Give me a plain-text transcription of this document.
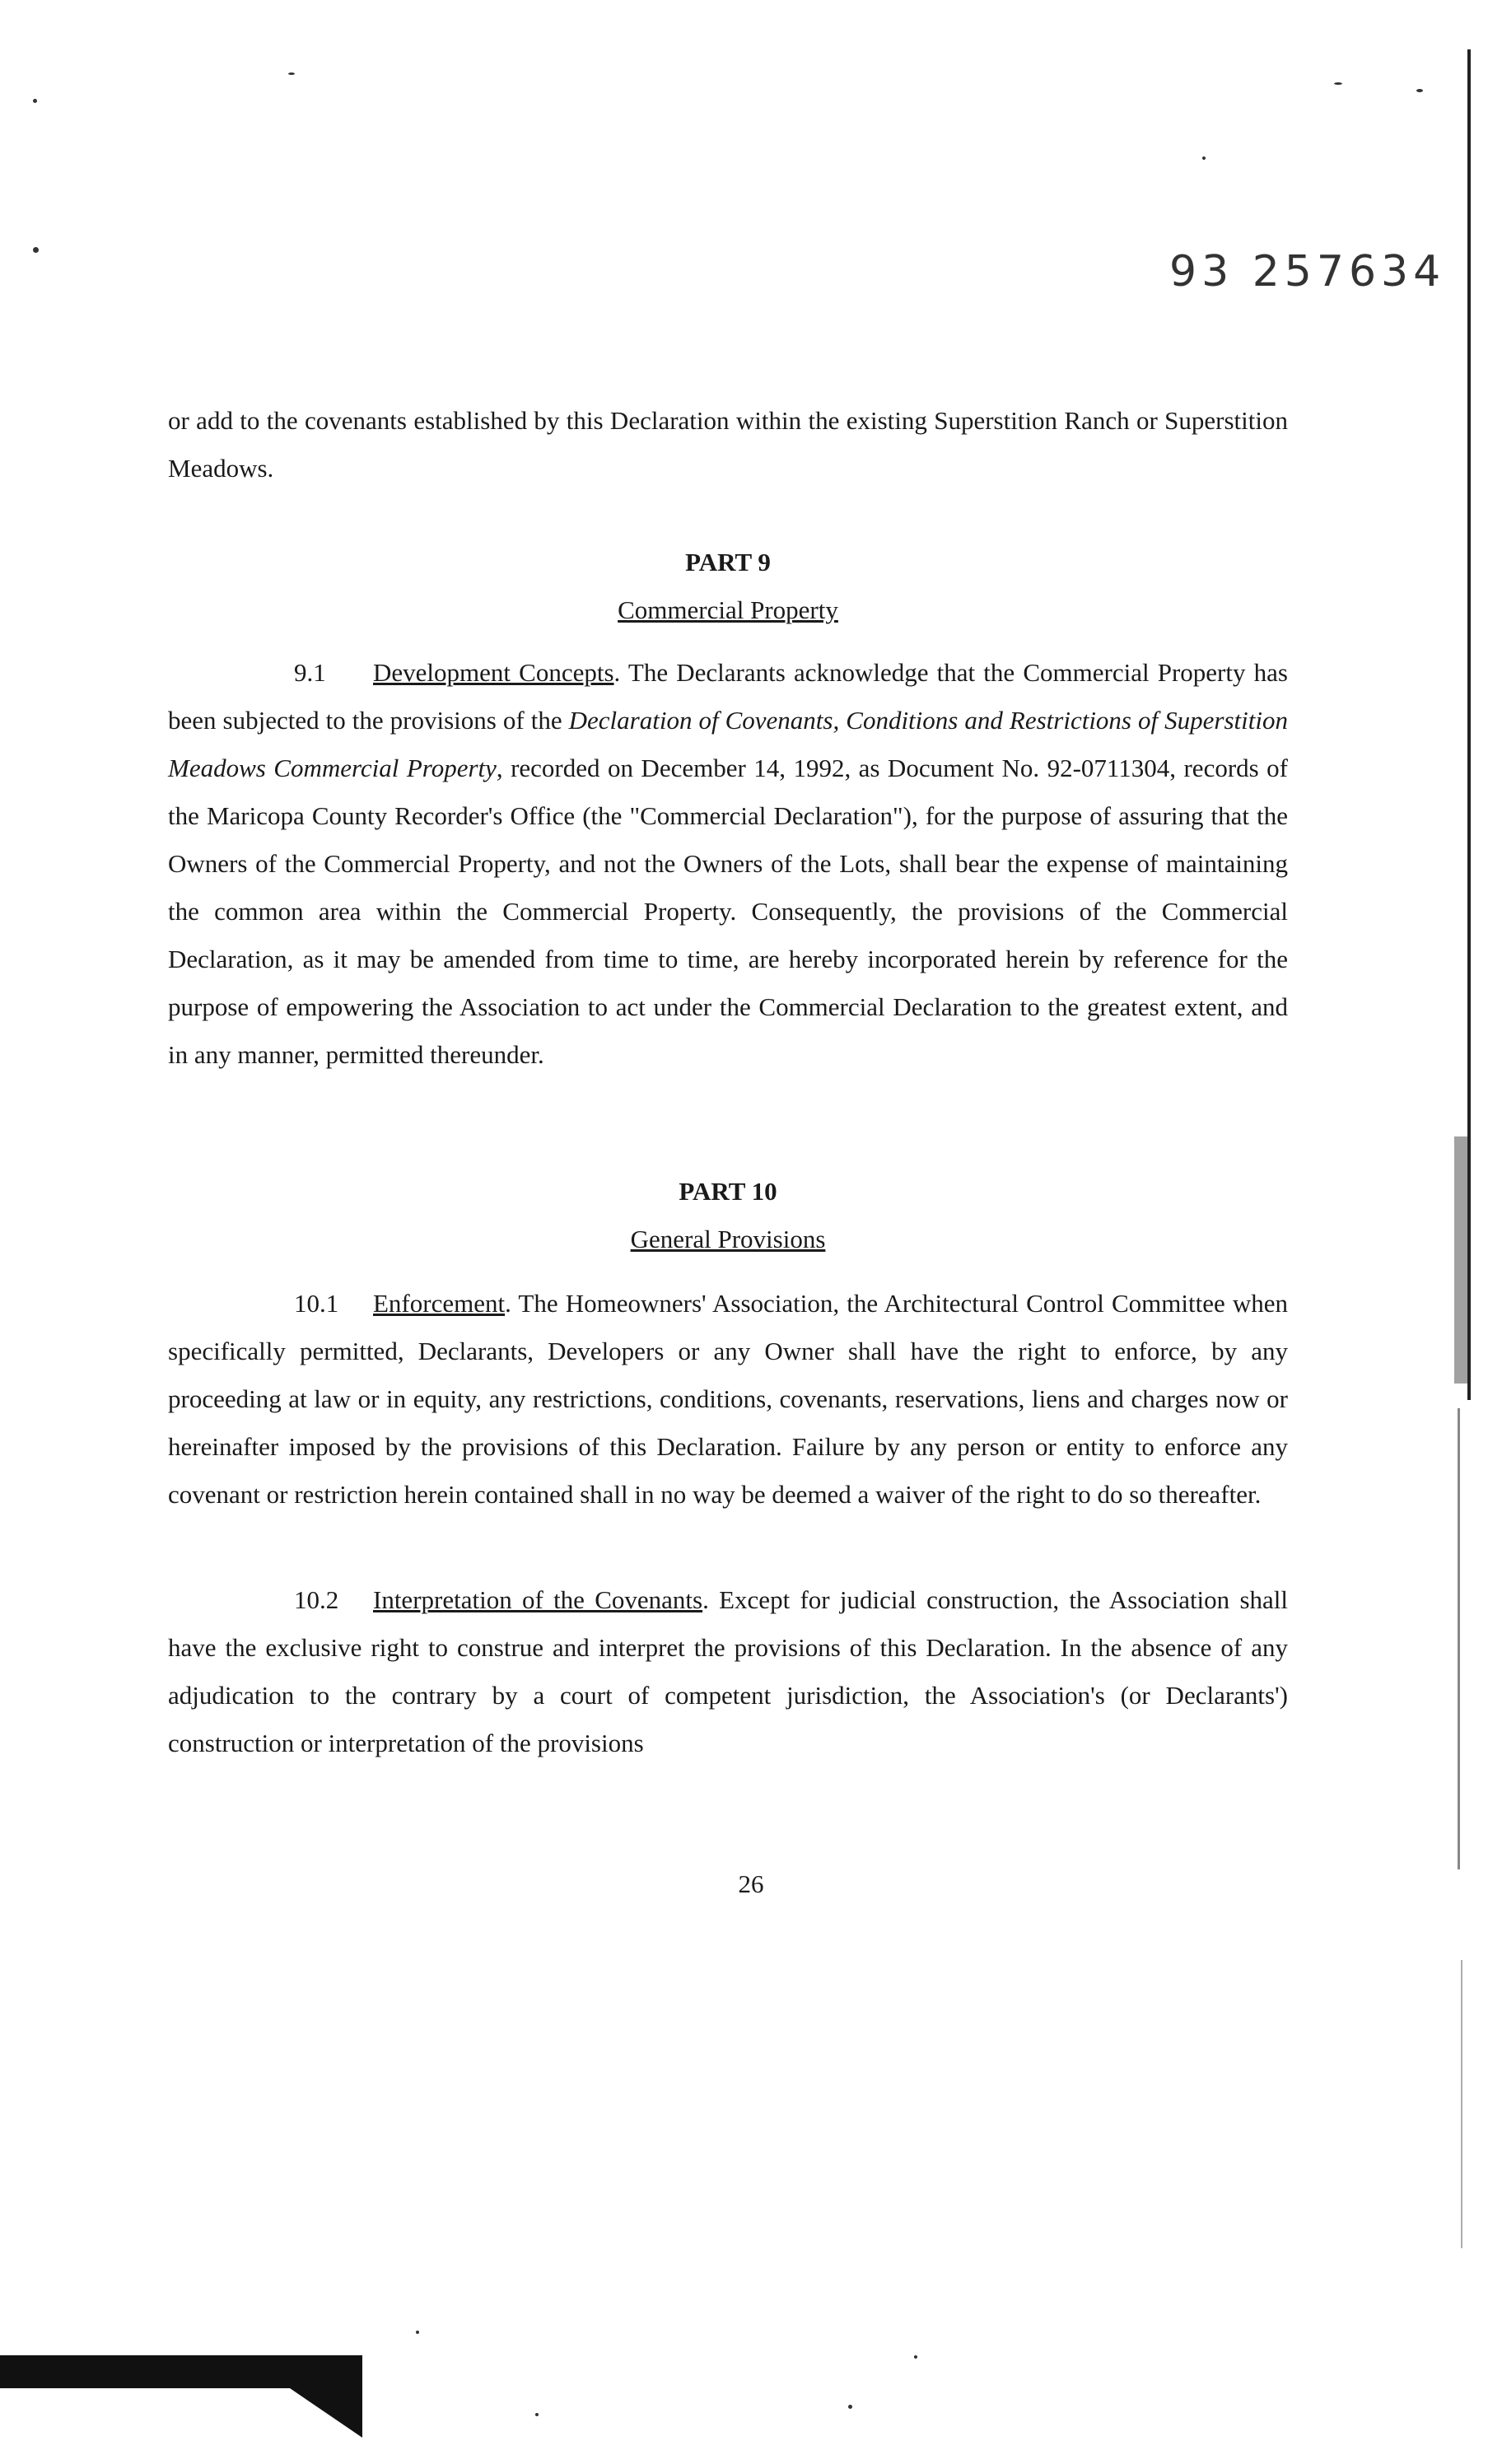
93 257634
or add to the covenants established by this Declaration within the existing Superstition Ranch or Superstition Meadows.
PART 9
Commercial Property
9.1 Development Concepts. The Declarants acknowledge that the Commercial Property has been subjected to the provisions of the Declaration of Covenants, Conditions and Restrictions of Superstition Meadows Commercial Property, recorded on December 14, 1992, as Document No. 92-0711304, records of the Maricopa County Recorder's Office (the "Commercial Declaration"), for the purpose of assuring that the Owners of the Commercial Property, and not the Owners of the Lots, shall bear the expense of maintaining the common area within the Commercial Property. Consequently, the provisions of the Commercial Declaration, as it may be amended from time to time, are hereby incorporated herein by reference for the purpose of empowering the Association to act under the Commercial Declaration to the greatest extent, and in any manner, permitted thereunder.
PART 10
General Provisions
10.1 Enforcement. The Homeowners' Association, the Architectural Control Committee when specifically permitted, Declarants, Developers or any Owner shall have the right to enforce, by any proceeding at law or in equity, any restrictions, conditions, covenants, reservations, liens and charges now or hereinafter imposed by the provisions of this Declaration. Failure by any person or entity to enforce any covenant or restriction herein contained shall in no way be deemed a waiver of the right to do so thereafter.
10.2 Interpretation of the Covenants. Except for judicial construction, the Association shall have the exclusive right to construe and interpret the provisions of this Declaration. In the absence of any adjudication to the contrary by a court of competent jurisdiction, the Association's (or Declarants') construction or interpretation of the provisions
26
